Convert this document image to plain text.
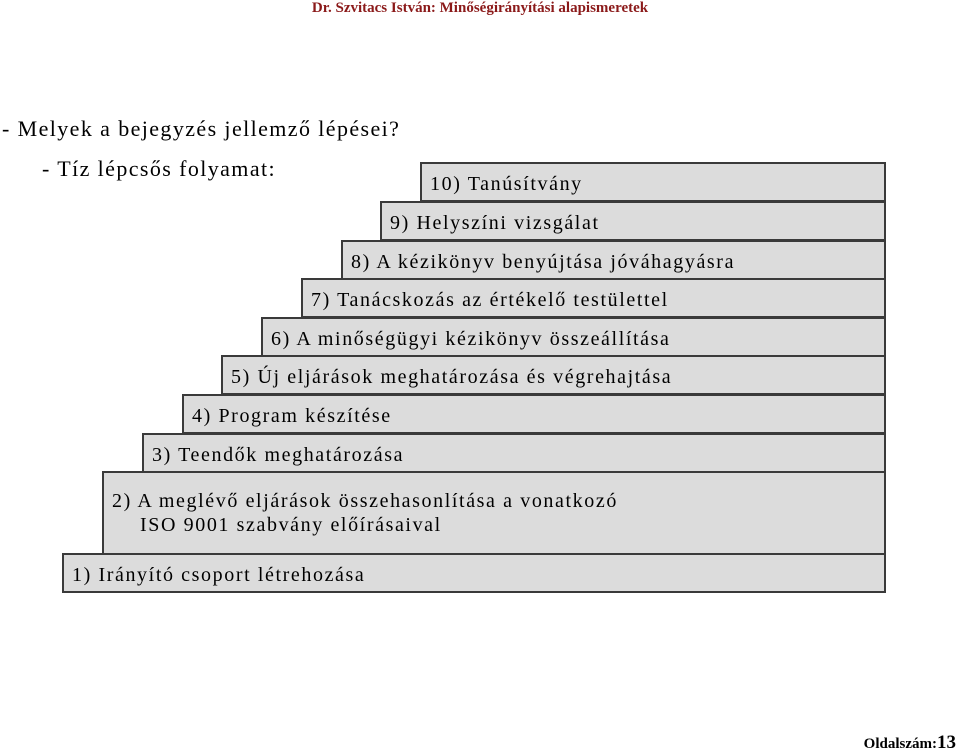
Dr. Szvitacs István: Minőségirányítási alapismeretek
- Melyek a bejegyzés jellemző lépései?
- Tíz lépcsős folyamat:
10) Tanúsítvány
9) Helyszíni vizsgálat
8) A kézikönyv benyújtása jóváhagyásra
7) Tanácskozás az értékelő testülettel
6) A minőségügyi kézikönyv összeállítása
5) Új eljárások meghatározása és végrehajtása
4) Program készítése
3) Teendők meghatározása
2) A meglévő eljárások összehasonlítása a vonatkozó
ISO 9001 szabvány előírásaival
1) Irányító csoport létrehozása
Oldalszám:13
